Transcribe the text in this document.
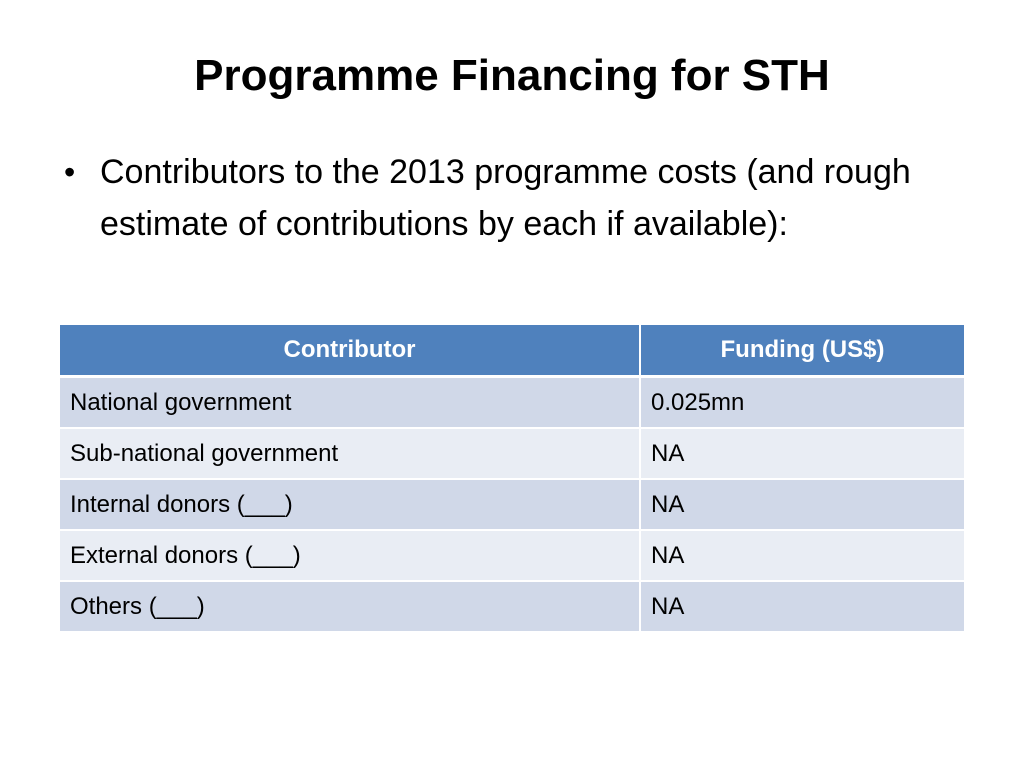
Programme Financing for STH
• Contributors to the 2013 programme costs (and rough estimate of contributions by each if available):
Contributor	Funding (US$)
National government	0.025mn
Sub-national government	NA
Internal donors (___)	NA
External donors (___)	NA
Others (___)	NA
